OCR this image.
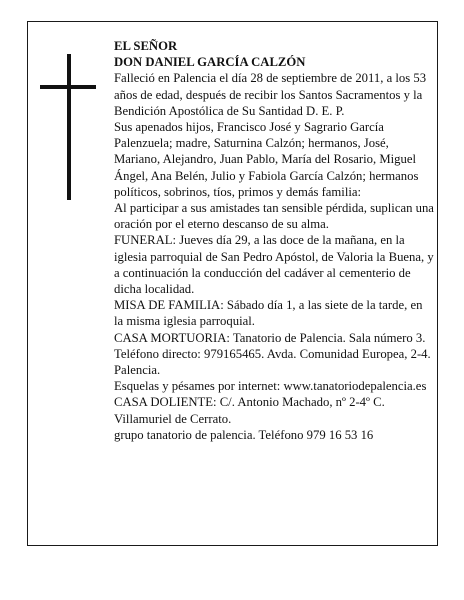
EL SEÑOR

DON DANIEL GARCÍA CALZÓN

Falleció en Palencia el día 28 de septiembre de 2011, a los 53 años de edad, después de recibir los Santos Sacramentos y la Bendición Apostólica de Su Santidad D. E. P.

Sus apenados hijos, Francisco José y Sagrario García Palenzuela; madre, Saturnina Calzón; hermanos, José, Mariano, Alejandro, Juan Pablo, María del Rosario, Miguel Ángel, Ana Belén, Julio y Fabiola García Calzón; hermanos políticos, sobrinos, tíos, primos y demás familia:

Al participar a sus amistades tan sensible pérdida, suplican una oración por el eterno descanso de su alma.

FUNERAL: Jueves día 29, a las doce de la mañana, en la iglesia parroquial de San Pedro Apóstol, de Valoria la Buena, y a continuación la conducción del cadáver al cementerio de dicha localidad.

MISA DE FAMILIA: Sábado día 1, a las siete de la tarde, en la misma iglesia parroquial.

CASA MORTUORIA: Tanatorio de Palencia. Sala número 3. Teléfono directo: 979165465. Avda. Comunidad Europea, 2-4. Palencia.

Esquelas y pésames por internet: www.tanatoriodepalencia.es

CASA DOLIENTE: C/. Antonio Machado, nº 2-4º C. Villamuriel de Cerrato.

grupo tanatorio de palencia. Teléfono 979 16 53 16
